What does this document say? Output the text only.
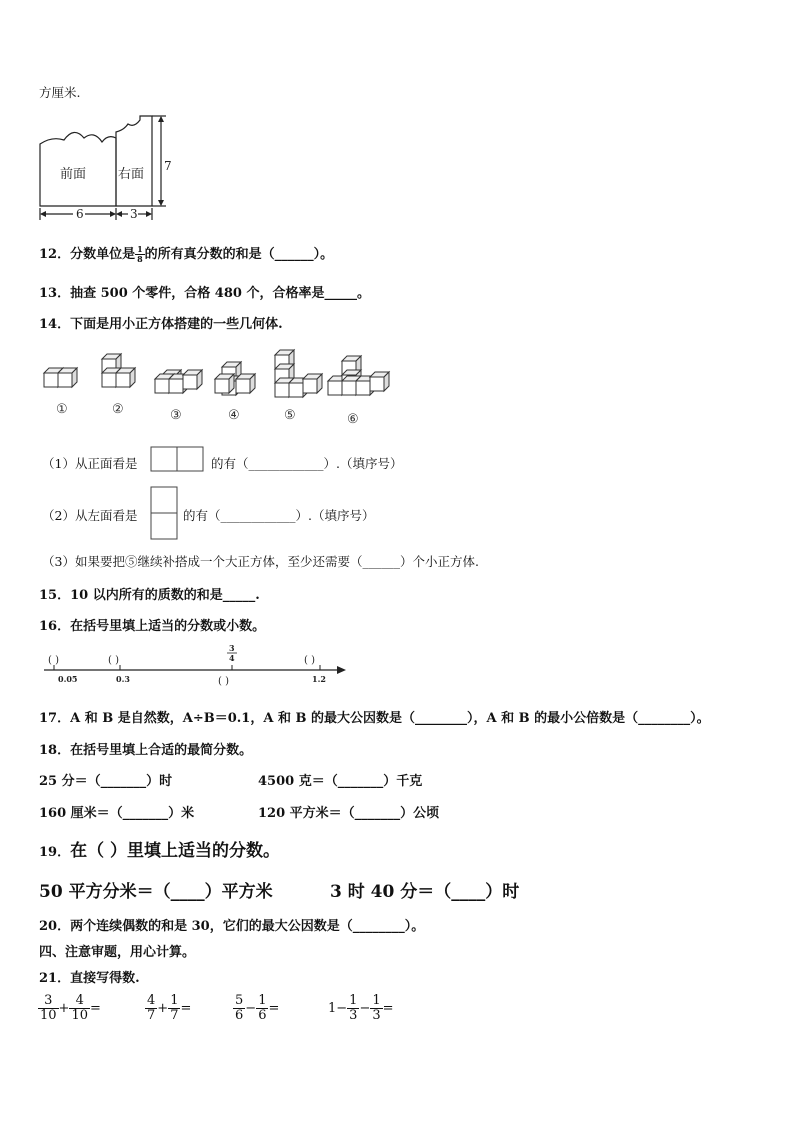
方厘米.
前面 右面
7
6	3
12．分数单位是 $\frac{1}{8}$ 的所有真分数的和是（______）。
13．抽查 500 个零件，合格 480 个，合格率是_____。
14．下面是用小正方体搭建的一些几何体.
①	②	③	④	⑤	⑥
（1）从正面看是	的有（____________）.（填序号）
（2）从左面看是	的有（____________）.（填序号）
（3）如果要把⑤继续补搭成一个大正方体，至少还需要（______）个小正方体.
15．10 以内所有的质数的和是_____.
16．在括号里填上适当的分数或小数。
( )	( )	( )
( )
0.05	0.3	1.2
3
4
17．A 和 B 是自然数，A÷B＝0.1，A 和 B 的最大公因数是（________），A 和 B 的最小公倍数是（________）。
18．在括号里填上合适的最简分数。
25 分＝（_______）时	4500 克＝（_______）千克
160 厘米＝（_______）米	120 平方米＝（_______）公顷
19．在（ ）里填上适当的分数。
50 平方分米＝（____）平方米	3 时 40 分＝（____）时
20．两个连续偶数的和是 30，它们的最大公因数是（________）。
四、注意审题，用心计算。
21．直接写得数.
$\frac{3}{10} + \frac{4}{10}$ =	$\frac{4}{7} + \frac{1}{7}$ =	$\frac{5}{6} - \frac{1}{6}$ =	$1- \frac{1}{3} - \frac{1}{3}$ =
